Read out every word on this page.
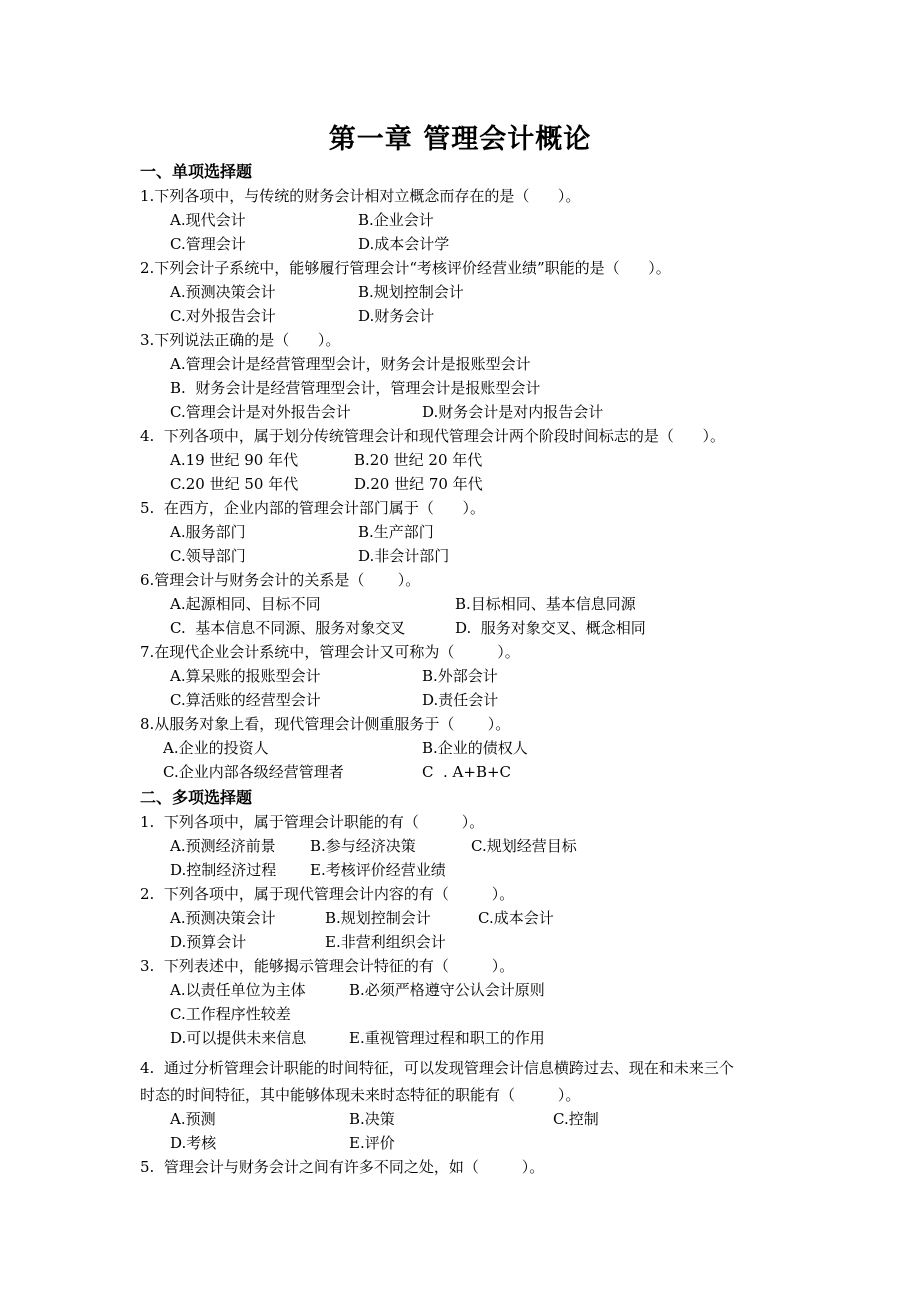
第一章 管理会计概论
一、单项选择题
1.下列各项中，与传统的财务会计相对立概念而存在的是（      ）。
A.现代会计	B.企业会计
C.管理会计	D.成本会计学
2.下列会计子系统中，能够履行管理会计“考核评价经营业绩”职能的是（      ）。
A.预测决策会计	B.规划控制会计
C.对外报告会计	D.财务会计
3.下列说法正确的是（      ）。
A.管理会计是经营管理型会计，财务会计是报账型会计
B.  财务会计是经营管理型会计，管理会计是报账型会计
C.管理会计是对外报告会计	D.财务会计是对内报告会计
4.  下列各项中，属于划分传统管理会计和现代管理会计两个阶段时间标志的是（      ）。
A.19 世纪 90 年代	B.20 世纪 20 年代
C.20 世纪 50 年代	D.20 世纪 70 年代
5.  在西方，企业内部的管理会计部门属于（      ）。
A.服务部门	B.生产部门
C.领导部门	D.非会计部门
6.管理会计与财务会计的关系是（       ）。
A.起源相同、目标不同	B.目标相同、基本信息同源
C.  基本信息不同源、服务对象交叉	D.  服务对象交叉、概念相同
7.在现代企业会计系统中，管理会计又可称为（         ）。
A.算呆账的报账型会计	B.外部会计
C.算活账的经营型会计	D.责任会计
8.从服务对象上看，现代管理会计侧重服务于（       ）。
A.企业的投资人	B.企业的债权人
C.企业内部各级经营管理者	C  . A+B+C
二、多项选择题
1.  下列各项中，属于管理会计职能的有（         ）。
A.预测经济前景 B.参与经济决策	C.规划经营目标
D.控制经济过程 E.考核评价经营业绩
2.  下列各项中，属于现代管理会计内容的有（         ）。
A.预测决策会计	B.规划控制会计	C.成本会计
D.预算会计	E.非营利组织会计
3.  下列表述中，能够揭示管理会计特征的有（         ）。
A.以责任单位为主体	B.必须严格遵守公认会计原则
C.工作程序性较差
D.可以提供未来信息	E.重视管理过程和职工的作用
4.  通过分析管理会计职能的时间特征，可以发现管理会计信息横跨过去、现在和未来三个
时态的时间特征，其中能够体现未来时态特征的职能有（         ）。
A.预测	B.决策	C.控制
D.考核	E.评价
5.  管理会计与财务会计之间有许多不同之处，如（         ）。
